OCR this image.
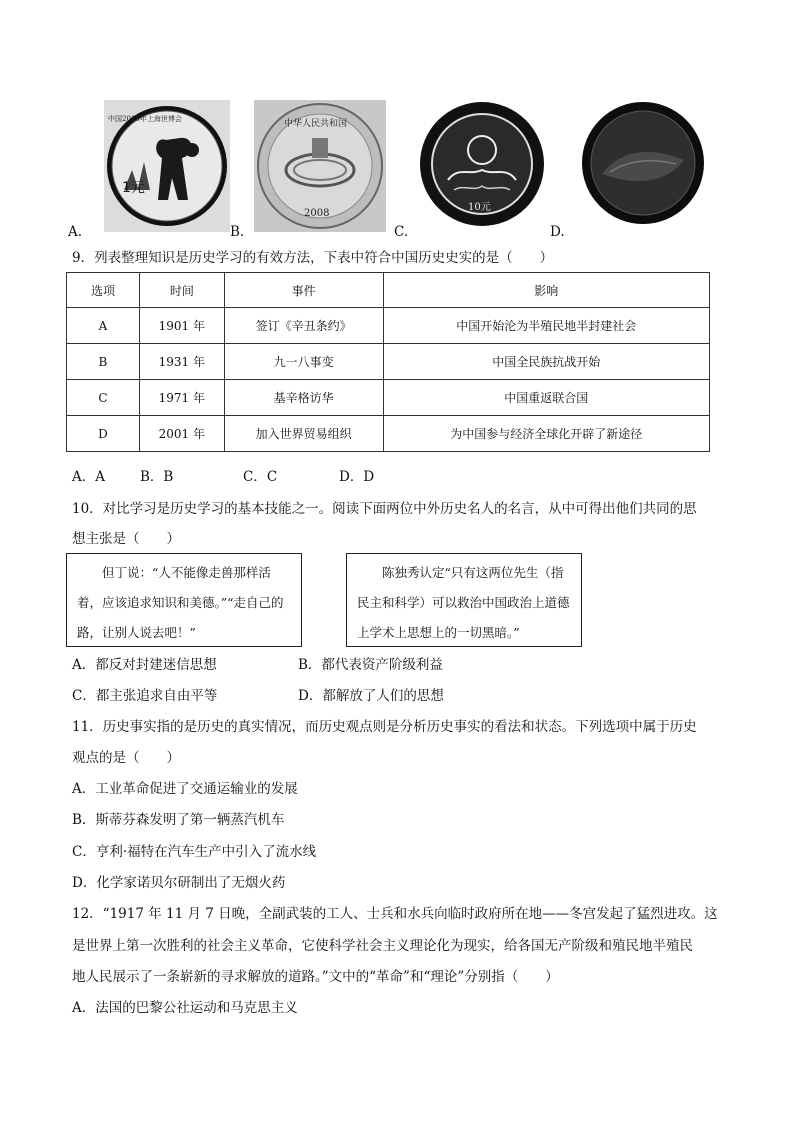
1元
中国2010年上海世博会
A.
中华人民共和国
2008
B.
10元
C.	D.
9．列表整理知识是历史学习的有效方法，下表中符合中国历史史实的是（　　）
选项	时间	事件	影响
A	1901 年	签订《辛丑条约》	中国开始沦为半殖民地半封建社会
B	1931 年	九一八事变	中国全民族抗战开始
C	1971 年	基辛格访华	中国重返联合国
D	2001 年	加入世界贸易组织	为中国参与经济全球化开辟了新途径
A．A	B．B	C．C	D．D
10．对比学习是历史学习的基本技能之一。阅读下面两位中外历史名人的名言，从中可得出他们共同的思
想主张是（　　）
　　但丁说：“人不能像走兽那样活着，应该追求知识和美德。”“走自己的路，让别人说去吧！”
　　陈独秀认定“只有这两位先生（指民主和科学）可以救治中国政治上道德上学术上思想上的一切黑暗。”
A．都反对封建迷信思想	B．都代表资产阶级利益
C．都主张追求自由平等	D．都解放了人们的思想
11．历史事实指的是历史的真实情况，而历史观点则是分析历史事实的看法和状态。下列选项中属于历史
观点的是（　　）
A．工业革命促进了交通运输业的发展
B．斯蒂芬森发明了第一辆蒸汽机车
C．亨利·福特在汽车生产中引入了流水线
D．化学家诺贝尔研制出了无烟火药
12．“1917 年 11 月 7 日晚，全副武装的工人、士兵和水兵向临时政府所在地——冬宫发起了猛烈进攻。这
是世界上第一次胜利的社会主义革命，它使科学社会主义理论化为现实，给各国无产阶级和殖民地半殖民
地人民展示了一条崭新的寻求解放的道路。”文中的“革命”和“理论”分别指（　　）
A．法国的巴黎公社运动和马克思主义
